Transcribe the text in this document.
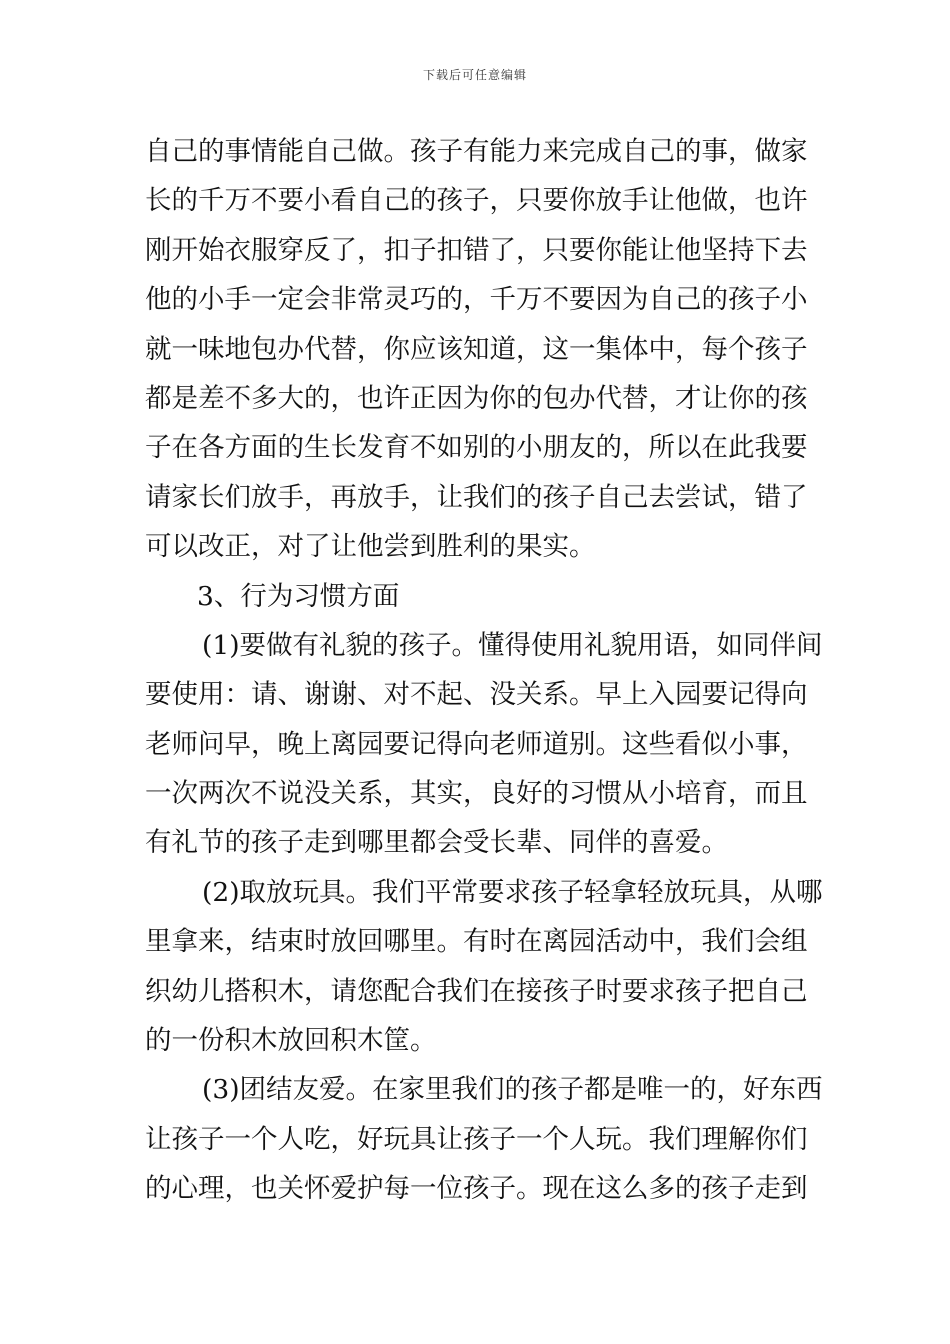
下载后可任意编辑
自己的事情能自己做。孩子有能力来完成自己的事，做家
长的千万不要小看自己的孩子，只要你放手让他做，也许
刚开始衣服穿反了，扣子扣错了，只要你能让他坚持下去
他的小手一定会非常灵巧的，千万不要因为自己的孩子小
就一味地包办代替，你应该知道，这一集体中，每个孩子
都是差不多大的，也许正因为你的包办代替，才让你的孩
子在各方面的生长发育不如别的小朋友的，所以在此我要
请家长们放手，再放手，让我们的孩子自己去尝试，错了
可以改正，对了让他尝到胜利的果实。
3、行为习惯方面
(1)要做有礼貌的孩子。懂得使用礼貌用语，如同伴间
要使用：请、谢谢、对不起、没关系。早上入园要记得向
老师问早，晚上离园要记得向老师道别。这些看似小事，
一次两次不说没关系，其实，良好的习惯从小培育，而且
有礼节的孩子走到哪里都会受长辈、同伴的喜爱。
(2)取放玩具。我们平常要求孩子轻拿轻放玩具，从哪
里拿来，结束时放回哪里。有时在离园活动中，我们会组
织幼儿搭积木，请您配合我们在接孩子时要求孩子把自己
的一份积木放回积木筐。
(3)团结友爱。在家里我们的孩子都是唯一的，好东西
让孩子一个人吃，好玩具让孩子一个人玩。我们理解你们
的心理，也关怀爱护每一位孩子。现在这么多的孩子走到
